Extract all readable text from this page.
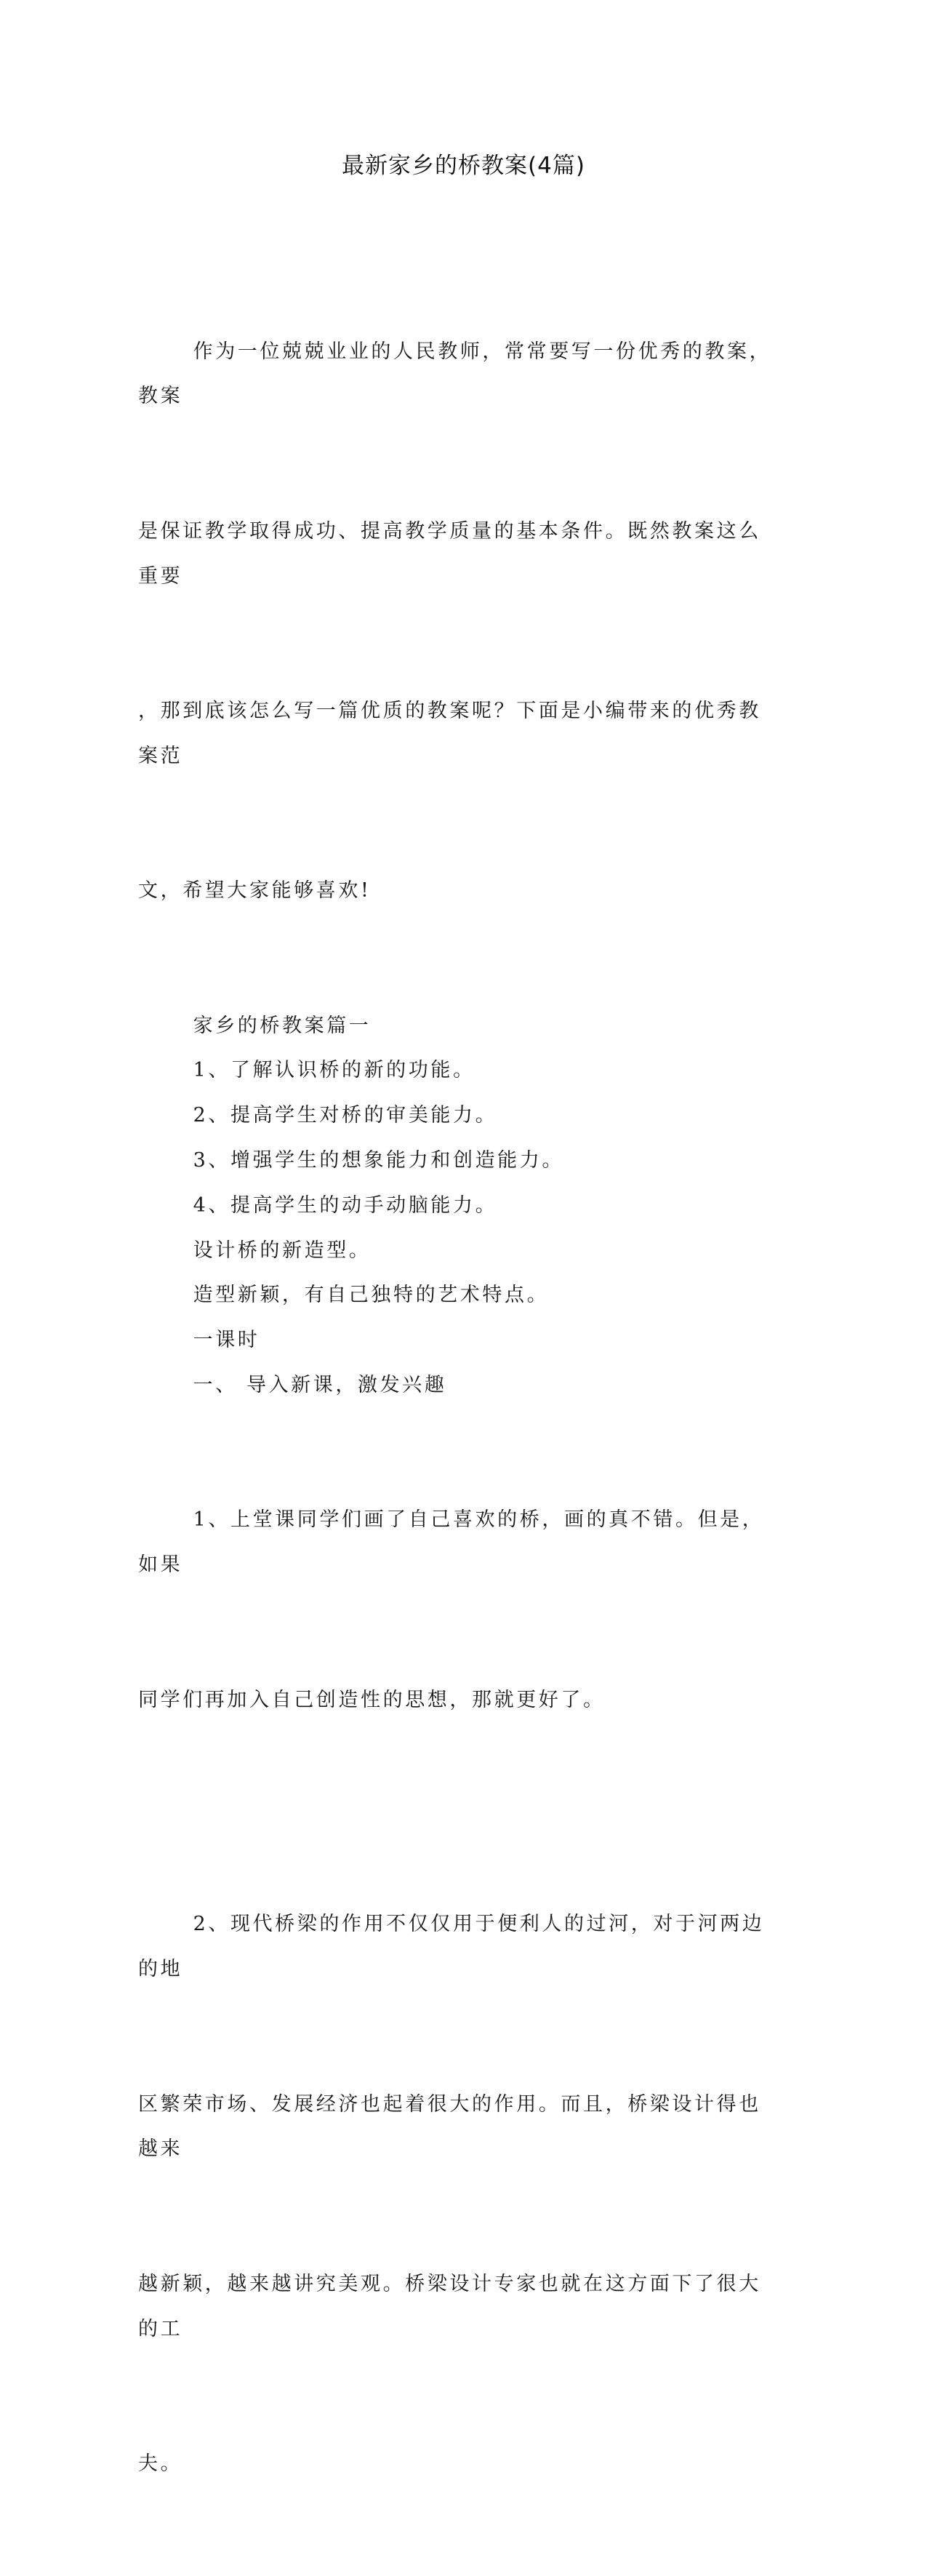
最新家乡的桥教案(4篇)

作为一位兢兢业业的人民教师，常常要写一份优秀的教案，教案

是保证教学取得成功、提高教学质量的基本条件。既然教案这么重要

，那到底该怎么写一篇优质的教案呢？下面是小编带来的优秀教案范

文，希望大家能够喜欢!

家乡的桥教案篇一

1、了解认识桥的新的功能。

2、提高学生对桥的审美能力。

3、增强学生的想象能力和创造能力。

4、提高学生的动手动脑能力。

设计桥的新造型。

造型新颖，有自己独特的艺术特点。

一课时

一、 导入新课，激发兴趣

1、上堂课同学们画了自己喜欢的桥，画的真不错。但是，如果

同学们再加入自己创造性的思想，那就更好了。

2、现代桥梁的作用不仅仅用于便利人的过河，对于河两边的地

区繁荣市场、发展经济也起着很大的作用。而且，桥梁设计得也越来

越新颖，越来越讲究美观。桥梁设计专家也就在这方面下了很大的工

夫。
